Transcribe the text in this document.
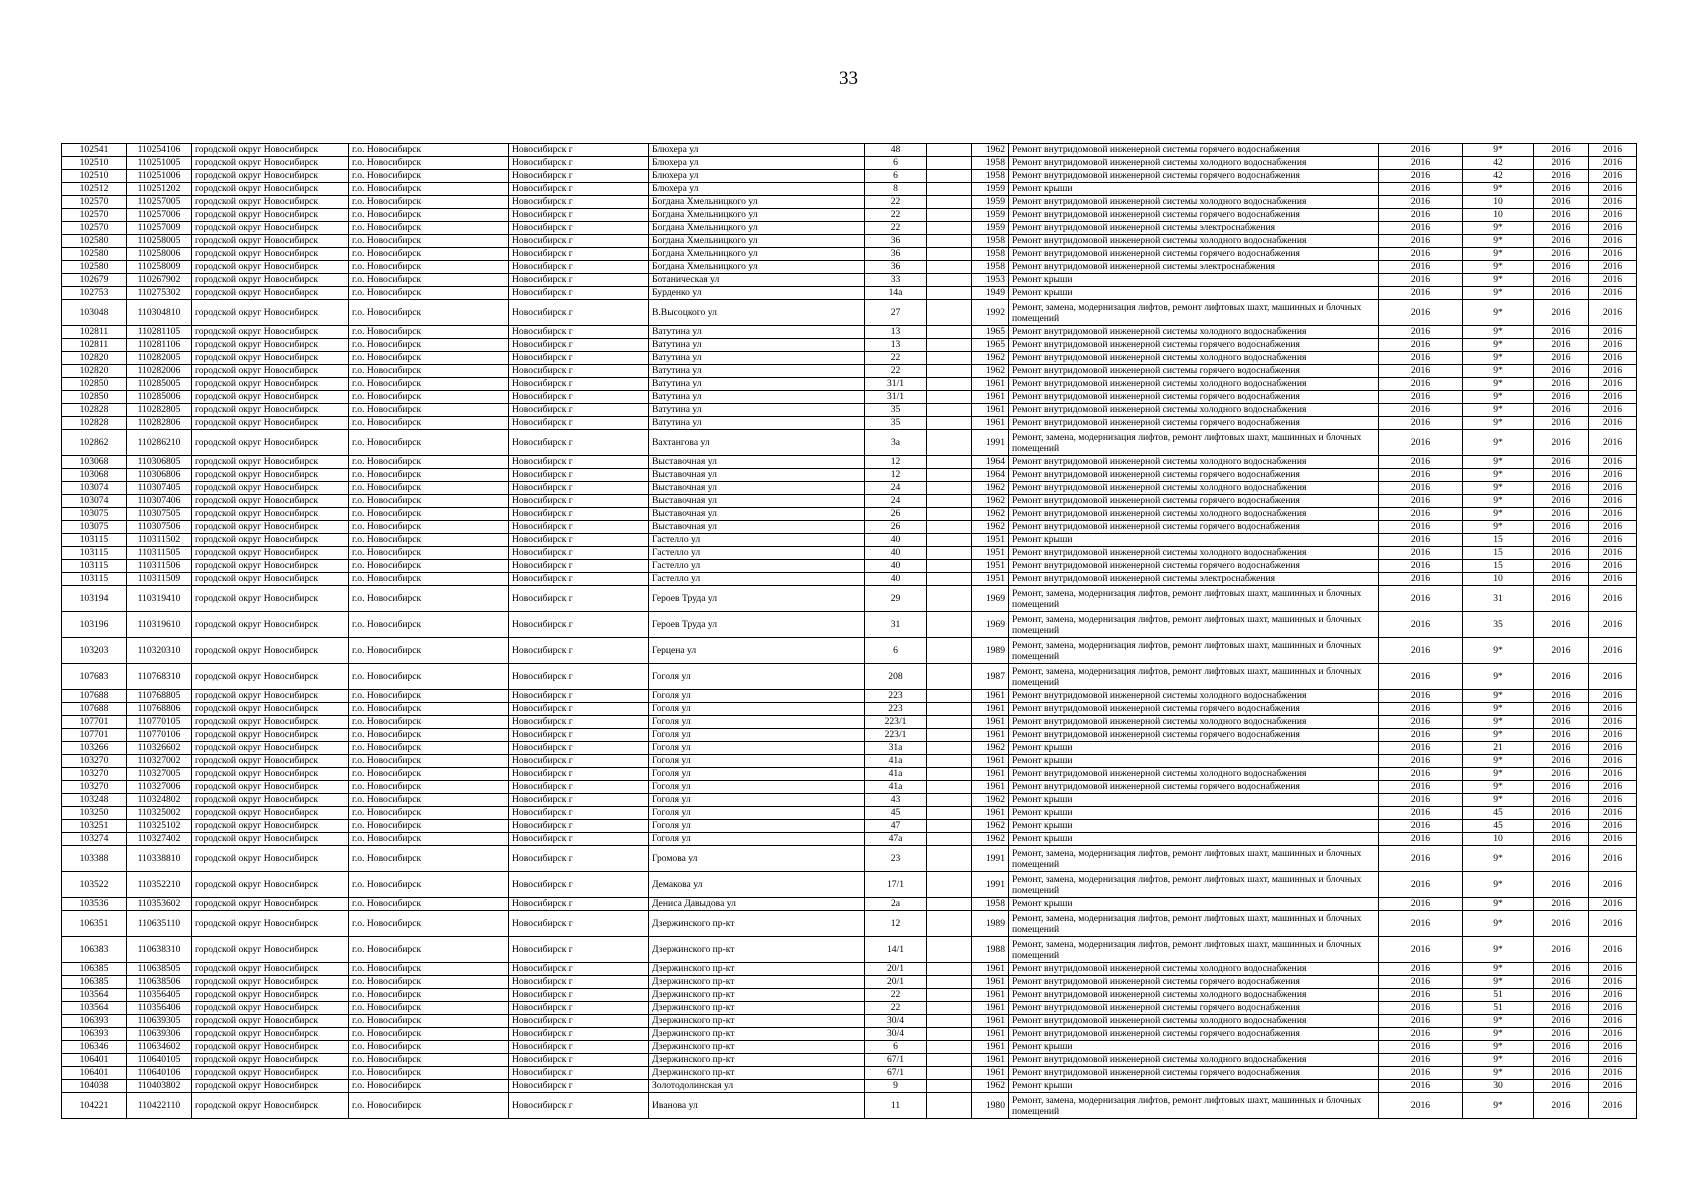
33
102541	110254106	городской округ Новосибирск	г.о. Новосибирск	Новосибирск г	Блюхера ул	48		1962	Ремонт внутридомовой инженерной системы горячего водоснабжения	2016	9*	2016	2016
102510	110251005	городской округ Новосибирск	г.о. Новосибирск	Новосибирск г	Блюхера ул	6		1958	Ремонт внутридомовой инженерной системы холодного водоснабжения	2016	42	2016	2016
102510	110251006	городской округ Новосибирск	г.о. Новосибирск	Новосибирск г	Блюхера ул	6		1958	Ремонт внутридомовой инженерной системы горячего водоснабжения	2016	42	2016	2016
102512	110251202	городской округ Новосибирск	г.о. Новосибирск	Новосибирск г	Блюхера ул	8		1959	Ремонт крыши	2016	9*	2016	2016
102570	110257005	городской округ Новосибирск	г.о. Новосибирск	Новосибирск г	Богдана Хмельницкого ул	22		1959	Ремонт внутридомовой инженерной системы холодного водоснабжения	2016	10	2016	2016
102570	110257006	городской округ Новосибирск	г.о. Новосибирск	Новосибирск г	Богдана Хмельницкого ул	22		1959	Ремонт внутридомовой инженерной системы горячего водоснабжения	2016	10	2016	2016
102570	110257009	городской округ Новосибирск	г.о. Новосибирск	Новосибирск г	Богдана Хмельницкого ул	22		1959	Ремонт внутридомовой инженерной системы электроснабжения	2016	9*	2016	2016
102580	110258005	городской округ Новосибирск	г.о. Новосибирск	Новосибирск г	Богдана Хмельницкого ул	36		1958	Ремонт внутридомовой инженерной системы холодного водоснабжения	2016	9*	2016	2016
102580	110258006	городской округ Новосибирск	г.о. Новосибирск	Новосибирск г	Богдана Хмельницкого ул	36		1958	Ремонт внутридомовой инженерной системы горячего водоснабжения	2016	9*	2016	2016
102580	110258009	городской округ Новосибирск	г.о. Новосибирск	Новосибирск г	Богдана Хмельницкого ул	36		1958	Ремонт внутридомовой инженерной системы электроснабжения	2016	9*	2016	2016
102679	110267902	городской округ Новосибирск	г.о. Новосибирск	Новосибирск г	Ботаническая ул	33		1953	Ремонт крыши	2016	9*	2016	2016
102753	110275302	городской округ Новосибирск	г.о. Новосибирск	Новосибирск г	Бурденко ул	14а		1949	Ремонт крыши	2016	9*	2016	2016
103048	110304810	городской округ Новосибирск	г.о. Новосибирск	Новосибирск г	В.Высоцкого ул	27		1992	Ремонт, замена, модернизация лифтов, ремонт лифтовых шахт, машинных и блочных помещений	2016	9*	2016	2016
102811	110281105	городской округ Новосибирск	г.о. Новосибирск	Новосибирск г	Ватутина ул	13		1965	Ремонт внутридомовой инженерной системы холодного водоснабжения	2016	9*	2016	2016
102811	110281106	городской округ Новосибирск	г.о. Новосибирск	Новосибирск г	Ватутина ул	13		1965	Ремонт внутридомовой инженерной системы горячего водоснабжения	2016	9*	2016	2016
102820	110282005	городской округ Новосибирск	г.о. Новосибирск	Новосибирск г	Ватутина ул	22		1962	Ремонт внутридомовой инженерной системы холодного водоснабжения	2016	9*	2016	2016
102820	110282006	городской округ Новосибирск	г.о. Новосибирск	Новосибирск г	Ватутина ул	22		1962	Ремонт внутридомовой инженерной системы горячего водоснабжения	2016	9*	2016	2016
102850	110285005	городской округ Новосибирск	г.о. Новосибирск	Новосибирск г	Ватутина ул	31/1		1961	Ремонт внутридомовой инженерной системы холодного водоснабжения	2016	9*	2016	2016
102850	110285006	городской округ Новосибирск	г.о. Новосибирск	Новосибирск г	Ватутина ул	31/1		1961	Ремонт внутридомовой инженерной системы горячего водоснабжения	2016	9*	2016	2016
102828	110282805	городской округ Новосибирск	г.о. Новосибирск	Новосибирск г	Ватутина ул	35		1961	Ремонт внутридомовой инженерной системы холодного водоснабжения	2016	9*	2016	2016
102828	110282806	городской округ Новосибирск	г.о. Новосибирск	Новосибирск г	Ватутина ул	35		1961	Ремонт внутридомовой инженерной системы горячего водоснабжения	2016	9*	2016	2016
102862	110286210	городской округ Новосибирск	г.о. Новосибирск	Новосибирск г	Вахтангова ул	3а		1991	Ремонт, замена, модернизация лифтов, ремонт лифтовых шахт, машинных и блочных помещений	2016	9*	2016	2016
103068	110306805	городской округ Новосибирск	г.о. Новосибирск	Новосибирск г	Выставочная ул	12		1964	Ремонт внутридомовой инженерной системы холодного водоснабжения	2016	9*	2016	2016
103068	110306806	городской округ Новосибирск	г.о. Новосибирск	Новосибирск г	Выставочная ул	12		1964	Ремонт внутридомовой инженерной системы горячего водоснабжения	2016	9*	2016	2016
103074	110307405	городской округ Новосибирск	г.о. Новосибирск	Новосибирск г	Выставочная ул	24		1962	Ремонт внутридомовой инженерной системы холодного водоснабжения	2016	9*	2016	2016
103074	110307406	городской округ Новосибирск	г.о. Новосибирск	Новосибирск г	Выставочная ул	24		1962	Ремонт внутридомовой инженерной системы горячего водоснабжения	2016	9*	2016	2016
103075	110307505	городской округ Новосибирск	г.о. Новосибирск	Новосибирск г	Выставочная ул	26		1962	Ремонт внутридомовой инженерной системы холодного водоснабжения	2016	9*	2016	2016
103075	110307506	городской округ Новосибирск	г.о. Новосибирск	Новосибирск г	Выставочная ул	26		1962	Ремонт внутридомовой инженерной системы горячего водоснабжения	2016	9*	2016	2016
103115	110311502	городской округ Новосибирск	г.о. Новосибирск	Новосибирск г	Гастелло ул	40		1951	Ремонт крыши	2016	15	2016	2016
103115	110311505	городской округ Новосибирск	г.о. Новосибирск	Новосибирск г	Гастелло ул	40		1951	Ремонт внутридомовой инженерной системы холодного водоснабжения	2016	15	2016	2016
103115	110311506	городской округ Новосибирск	г.о. Новосибирск	Новосибирск г	Гастелло ул	40		1951	Ремонт внутридомовой инженерной системы горячего водоснабжения	2016	15	2016	2016
103115	110311509	городской округ Новосибирск	г.о. Новосибирск	Новосибирск г	Гастелло ул	40		1951	Ремонт внутридомовой инженерной системы электроснабжения	2016	10	2016	2016
103194	110319410	городской округ Новосибирск	г.о. Новосибирск	Новосибирск г	Героев Труда ул	29		1969	Ремонт, замена, модернизация лифтов, ремонт лифтовых шахт, машинных и блочных помещений	2016	31	2016	2016
103196	110319610	городской округ Новосибирск	г.о. Новосибирск	Новосибирск г	Героев Труда ул	31		1969	Ремонт, замена, модернизация лифтов, ремонт лифтовых шахт, машинных и блочных помещений	2016	35	2016	2016
103203	110320310	городской округ Новосибирск	г.о. Новосибирск	Новосибирск г	Герцена ул	6		1989	Ремонт, замена, модернизация лифтов, ремонт лифтовых шахт, машинных и блочных помещений	2016	9*	2016	2016
107683	110768310	городской округ Новосибирск	г.о. Новосибирск	Новосибирск г	Гоголя ул	208		1987	Ремонт, замена, модернизация лифтов, ремонт лифтовых шахт, машинных и блочных помещений	2016	9*	2016	2016
107688	110768805	городской округ Новосибирск	г.о. Новосибирск	Новосибирск г	Гоголя ул	223		1961	Ремонт внутридомовой инженерной системы холодного водоснабжения	2016	9*	2016	2016
107688	110768806	городской округ Новосибирск	г.о. Новосибирск	Новосибирск г	Гоголя ул	223		1961	Ремонт внутридомовой инженерной системы горячего водоснабжения	2016	9*	2016	2016
107701	110770105	городской округ Новосибирск	г.о. Новосибирск	Новосибирск г	Гоголя ул	223/1		1961	Ремонт внутридомовой инженерной системы холодного водоснабжения	2016	9*	2016	2016
107701	110770106	городской округ Новосибирск	г.о. Новосибирск	Новосибирск г	Гоголя ул	223/1		1961	Ремонт внутридомовой инженерной системы горячего водоснабжения	2016	9*	2016	2016
103266	110326602	городской округ Новосибирск	г.о. Новосибирск	Новосибирск г	Гоголя ул	31а		1962	Ремонт крыши	2016	21	2016	2016
103270	110327002	городской округ Новосибирск	г.о. Новосибирск	Новосибирск г	Гоголя ул	41а		1961	Ремонт крыши	2016	9*	2016	2016
103270	110327005	городской округ Новосибирск	г.о. Новосибирск	Новосибирск г	Гоголя ул	41а		1961	Ремонт внутридомовой инженерной системы холодного водоснабжения	2016	9*	2016	2016
103270	110327006	городской округ Новосибирск	г.о. Новосибирск	Новосибирск г	Гоголя ул	41а		1961	Ремонт внутридомовой инженерной системы горячего водоснабжения	2016	9*	2016	2016
103248	110324802	городской округ Новосибирск	г.о. Новосибирск	Новосибирск г	Гоголя ул	43		1962	Ремонт крыши	2016	9*	2016	2016
103250	110325002	городской округ Новосибирск	г.о. Новосибирск	Новосибирск г	Гоголя ул	45		1961	Ремонт крыши	2016	45	2016	2016
103251	110325102	городской округ Новосибирск	г.о. Новосибирск	Новосибирск г	Гоголя ул	47		1962	Ремонт крыши	2016	45	2016	2016
103274	110327402	городской округ Новосибирск	г.о. Новосибирск	Новосибирск г	Гоголя ул	47а		1962	Ремонт крыши	2016	10	2016	2016
103388	110338810	городской округ Новосибирск	г.о. Новосибирск	Новосибирск г	Громова ул	23		1991	Ремонт, замена, модернизация лифтов, ремонт лифтовых шахт, машинных и блочных помещений	2016	9*	2016	2016
103522	110352210	городской округ Новосибирск	г.о. Новосибирск	Новосибирск г	Демакова ул	17/1		1991	Ремонт, замена, модернизация лифтов, ремонт лифтовых шахт, машинных и блочных помещений	2016	9*	2016	2016
103536	110353602	городской округ Новосибирск	г.о. Новосибирск	Новосибирск г	Дениса Давыдова ул	2а		1958	Ремонт крыши	2016	9*	2016	2016
106351	110635110	городской округ Новосибирск	г.о. Новосибирск	Новосибирск г	Дзержинского пр-кт	12		1989	Ремонт, замена, модернизация лифтов, ремонт лифтовых шахт, машинных и блочных помещений	2016	9*	2016	2016
106383	110638310	городской округ Новосибирск	г.о. Новосибирск	Новосибирск г	Дзержинского пр-кт	14/1		1988	Ремонт, замена, модернизация лифтов, ремонт лифтовых шахт, машинных и блочных помещений	2016	9*	2016	2016
106385	110638505	городской округ Новосибирск	г.о. Новосибирск	Новосибирск г	Дзержинского пр-кт	20/1		1961	Ремонт внутридомовой инженерной системы холодного водоснабжения	2016	9*	2016	2016
106385	110638506	городской округ Новосибирск	г.о. Новосибирск	Новосибирск г	Дзержинского пр-кт	20/1		1961	Ремонт внутридомовой инженерной системы горячего водоснабжения	2016	9*	2016	2016
103564	110356405	городской округ Новосибирск	г.о. Новосибирск	Новосибирск г	Дзержинского пр-кт	22		1961	Ремонт внутридомовой инженерной системы холодного водоснабжения	2016	51	2016	2016
103564	110356406	городской округ Новосибирск	г.о. Новосибирск	Новосибирск г	Дзержинского пр-кт	22		1961	Ремонт внутридомовой инженерной системы горячего водоснабжения	2016	51	2016	2016
106393	110639305	городской округ Новосибирск	г.о. Новосибирск	Новосибирск г	Дзержинского пр-кт	30/4		1961	Ремонт внутридомовой инженерной системы холодного водоснабжения	2016	9*	2016	2016
106393	110639306	городской округ Новосибирск	г.о. Новосибирск	Новосибирск г	Дзержинского пр-кт	30/4		1961	Ремонт внутридомовой инженерной системы горячего водоснабжения	2016	9*	2016	2016
106346	110634602	городской округ Новосибирск	г.о. Новосибирск	Новосибирск г	Дзержинского пр-кт	6		1961	Ремонт крыши	2016	9*	2016	2016
106401	110640105	городской округ Новосибирск	г.о. Новосибирск	Новосибирск г	Дзержинского пр-кт	67/1		1961	Ремонт внутридомовой инженерной системы холодного водоснабжения	2016	9*	2016	2016
106401	110640106	городской округ Новосибирск	г.о. Новосибирск	Новосибирск г	Дзержинского пр-кт	67/1		1961	Ремонт внутридомовой инженерной системы горячего водоснабжения	2016	9*	2016	2016
104038	110403802	городской округ Новосибирск	г.о. Новосибирск	Новосибирск г	Золотодолинская ул	9		1962	Ремонт крыши	2016	30	2016	2016
104221	110422110	городской округ Новосибирск	г.о. Новосибирск	Новосибирск г	Иванова ул	11		1980	Ремонт, замена, модернизация лифтов, ремонт лифтовых шахт, машинных и блочных помещений	2016	9*	2016	2016
